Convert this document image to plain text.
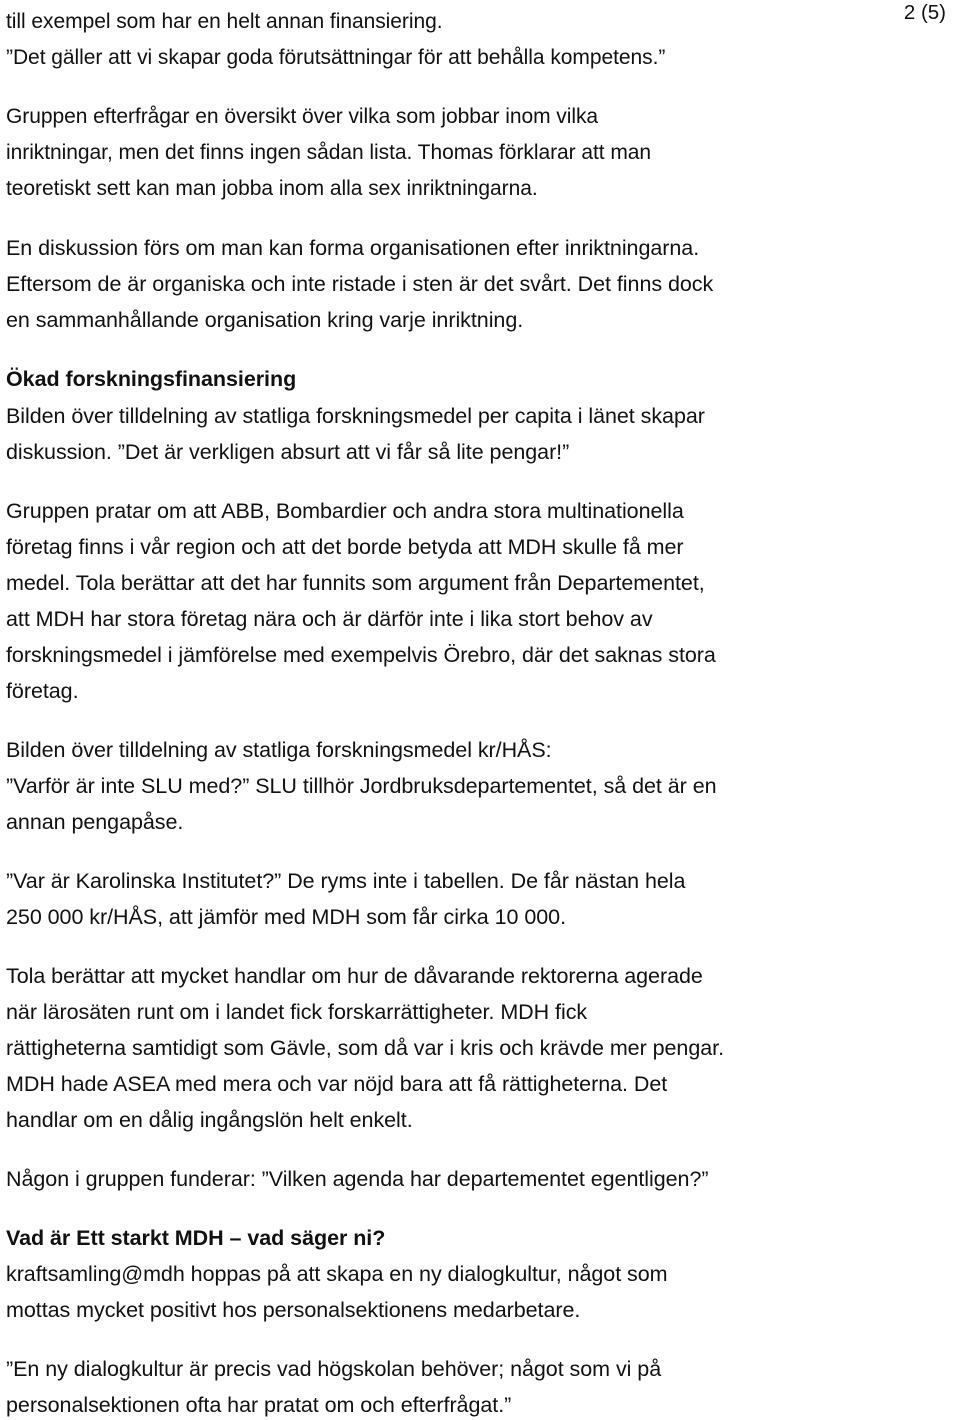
2 (5)
till exempel som har en helt annan finansiering.
”Det gäller att vi skapar goda förutsättningar för att behålla kompetens.”
Gruppen efterfrågar en översikt över vilka som jobbar inom vilka
inriktningar, men det finns ingen sådan lista. Thomas förklarar att man
teoretiskt sett kan man jobba inom alla sex inriktningarna.
En diskussion förs om man kan forma organisationen efter inriktningarna.
Eftersom de är organiska och inte ristade i sten är det svårt. Det finns dock
en sammanhållande organisation kring varje inriktning.
Ökad forskningsfinansiering
Bilden över tilldelning av statliga forskningsmedel per capita i länet skapar
diskussion. ”Det är verkligen absurt att vi får så lite pengar!”
Gruppen pratar om att ABB, Bombardier och andra stora multinationella
företag finns i vår region och att det borde betyda att MDH skulle få mer
medel. Tola berättar att det har funnits som argument från Departementet,
att MDH har stora företag nära och är därför inte i lika stort behov av
forskningsmedel i jämförelse med exempelvis Örebro, där det saknas stora
företag.
Bilden över tilldelning av statliga forskningsmedel kr/HÅS:
”Varför är inte SLU med?” SLU tillhör Jordbruksdepartementet, så det är en
annan pengapåse.
”Var är Karolinska Institutet?” De ryms inte i tabellen. De får nästan hela
250 000 kr/HÅS, att jämför med MDH som får cirka 10 000.
Tola berättar att mycket handlar om hur de dåvarande rektorerna agerade
när lärosäten runt om i landet fick forskarrättigheter. MDH fick
rättigheterna samtidigt som Gävle, som då var i kris och krävde mer pengar.
MDH hade ASEA med mera och var nöjd bara att få rättigheterna. Det
handlar om en dålig ingångslön helt enkelt.
Någon i gruppen funderar: ”Vilken agenda har departementet egentligen?”
Vad är Ett starkt MDH – vad säger ni?
kraftsamling@mdh hoppas på att skapa en ny dialogkultur, något som
mottas mycket positivt hos personalsektionens medarbetare.
”En ny dialogkultur är precis vad högskolan behöver; något som vi på
personalsektionen ofta har pratat om och efterfrågat.”
